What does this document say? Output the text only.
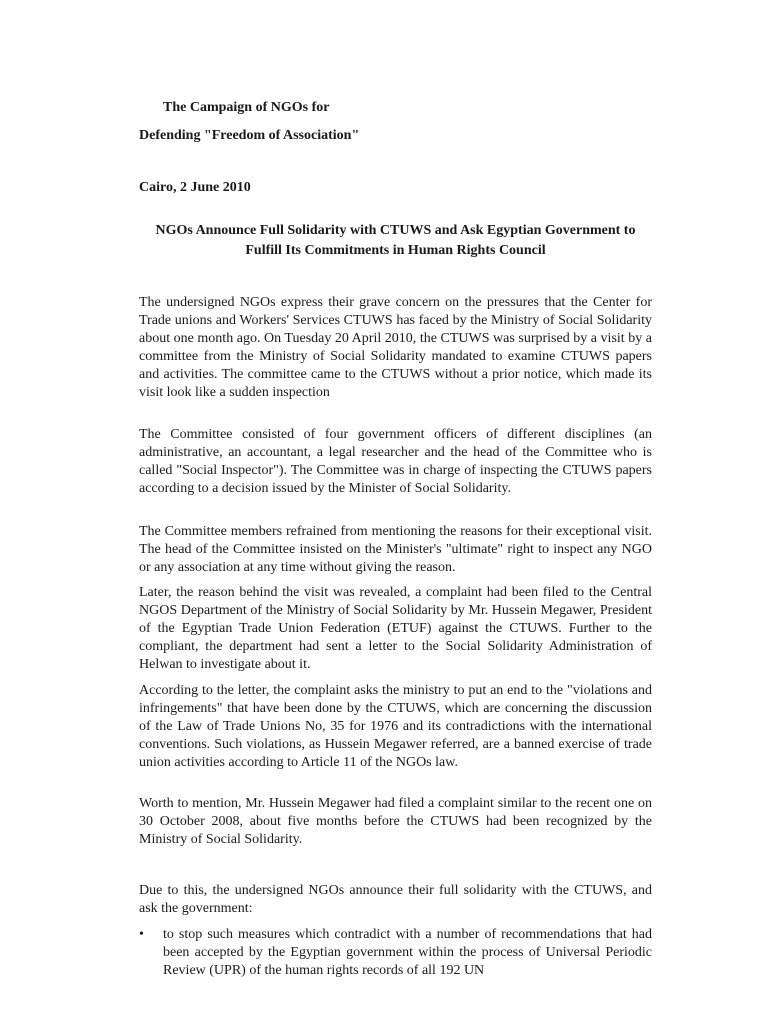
The Campaign of NGOs for
Defending "Freedom of Association"
Cairo, 2 June 2010
NGOs Announce Full Solidarity with CTUWS and Ask Egyptian Government to Fulfill Its Commitments in Human Rights Council

The undersigned NGOs express their grave concern on the pressures that the Center for Trade unions and Workers' Services CTUWS has faced by the Ministry of Social Solidarity about one month ago. On Tuesday 20 April 2010, the CTUWS was surprised by a visit by a committee from the Ministry of Social Solidarity mandated to examine CTUWS papers and activities. The committee came to the CTUWS without a prior notice, which made its visit look like a sudden inspection

The Committee consisted of four government officers of different disciplines (an administrative, an accountant, a legal researcher and the head of the Committee who is called "Social Inspector"). The Committee was in charge of inspecting the CTUWS papers according to a decision issued by the Minister of Social Solidarity.

The Committee members refrained from mentioning the reasons for their exceptional visit. The head of the Committee insisted on the Minister's "ultimate" right to inspect any NGO or any association at any time without giving the reason.

Later, the reason behind the visit was revealed, a complaint had been filed to the Central NGOS Department of the Ministry of Social Solidarity by Mr. Hussein Megawer, President of the Egyptian Trade Union Federation (ETUF) against the CTUWS. Further to the compliant, the department had sent a letter to the Social Solidarity Administration of Helwan to investigate about it.

According to the letter, the complaint asks the ministry to put an end to the "violations and infringements" that have been done by the CTUWS, which are concerning the discussion of the Law of Trade Unions No, 35 for 1976 and its contradictions with the international conventions. Such violations, as Hussein Megawer referred, are a banned exercise of trade union activities according to Article 11 of the NGOs law.

Worth to mention, Mr. Hussein Megawer had filed a complaint similar to the recent one on 30 October 2008, about five months before the CTUWS had been recognized by the Ministry of Social Solidarity.

Due to this, the undersigned NGOs announce their full solidarity with the CTUWS, and ask the government:

• to stop such measures which contradict with a number of recommendations that had been accepted by the Egyptian government within the process of Universal Periodic Review (UPR) of the human rights records of all 192 UN
